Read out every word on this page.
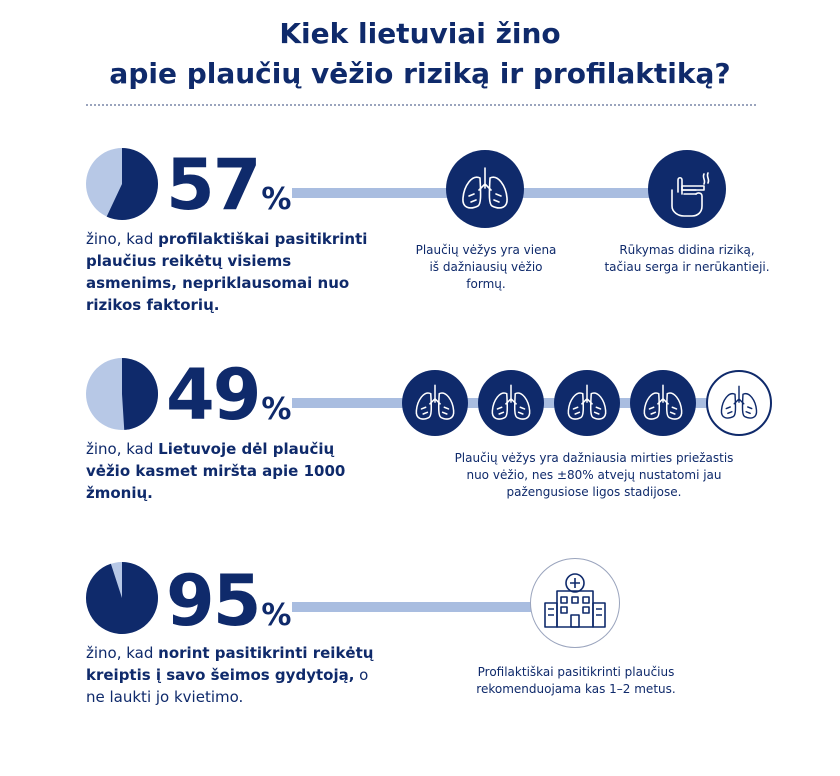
Kiek lietuviai žino
apie plaučių vėžio riziką ir profilaktiką?
57%
žino, kad profilaktiškai pasitikrinti plaučius reikėtų visiems asmenims, nepriklausomai nuo rizikos faktorių.
Plaučių vėžys yra viena iš dažniausių vėžio formų.
Rūkymas didina riziką, tačiau serga ir nerūkantieji.
49%
žino, kad Lietuvoje dėl plaučių vėžio kasmet miršta apie 1000 žmonių.
Plaučių vėžys yra dažniausia mirties priežastis nuo vėžio, nes ±80% atvejų nustatomi jau pažengusiose ligos stadijose.
95%
žino, kad norint pasitikrinti reikėtų kreiptis į savo šeimos gydytoją, o ne laukti jo kvietimo.
Profilaktiškai pasitikrinti plaučius rekomenduojama kas 1–2 metus.
